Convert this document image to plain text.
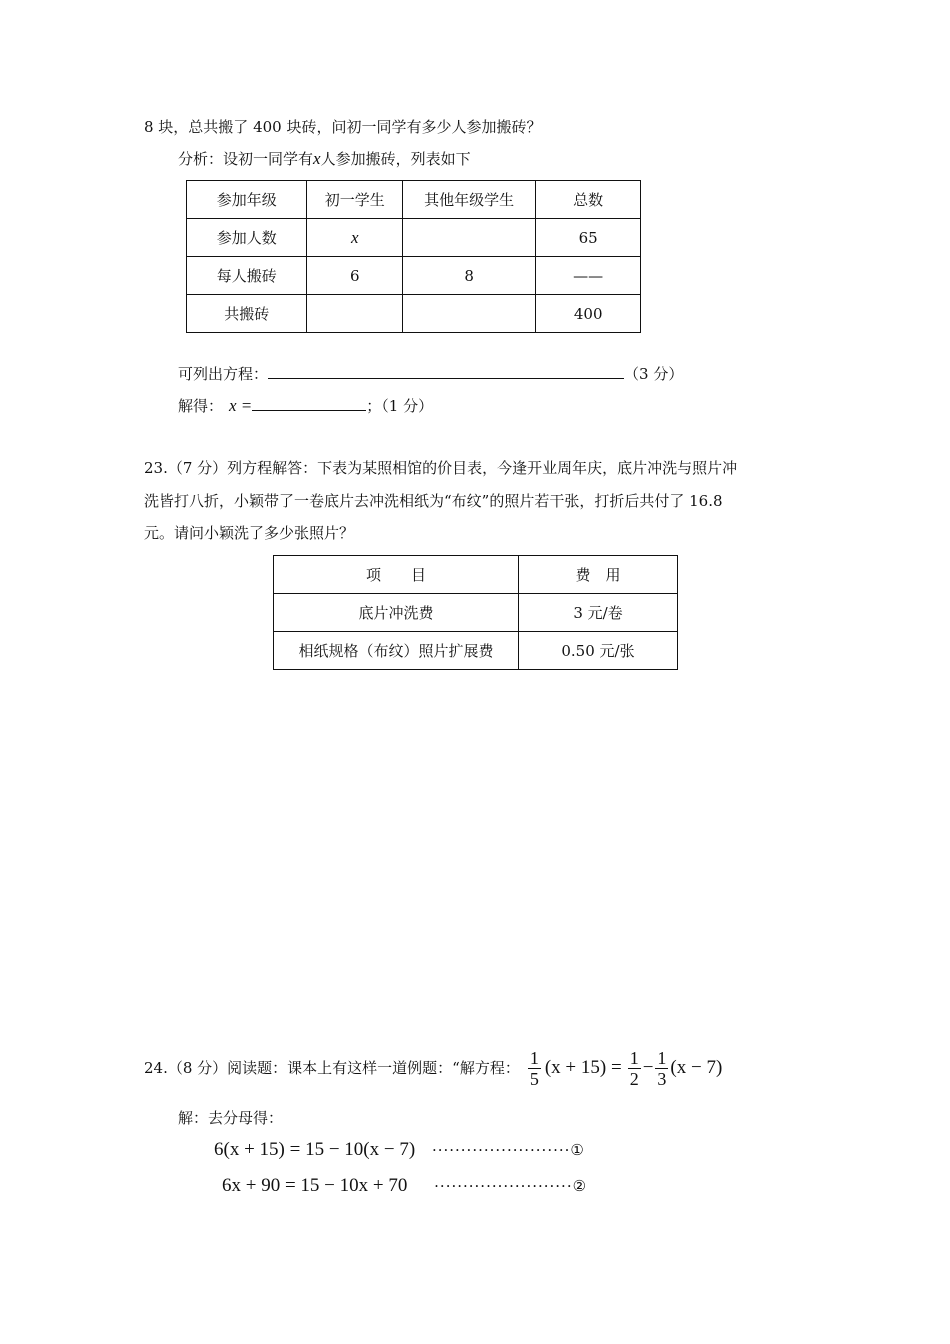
8 块，总共搬了 400 块砖，问初一同学有多少人参加搬砖？
分析：设初一同学有x人参加搬砖，列表如下
参加年级	初一学生	其他年级学生	总数
参加人数	x		65
每人搬砖	6	8	——
共搬砖			400
可列出方程：	（3 分）
解得： x =	；（1 分）
23.（7 分）列方程解答：下表为某照相馆的价目表，今逢开业周年庆，底片冲洗与照片冲
洗皆打八折，小颖带了一卷底片去冲洗相纸为“布纹”的照片若干张，打折后共付了 16.8
元。请问小颖洗了多少张照片？
项　　目	费　用
底片冲洗费	3 元/卷
相纸规格（布纹）照片扩展费	0.50 元/张
24.（8 分）阅读题：课本上有这样一道例题：“解方程： $\frac{1}{5} (x + 15) = \frac{1}{2} - \frac{1}{3} (x - 7)$
解：去分母得：
6(x + 15) = 15 − 10(x − 7) ························①
6x + 90 = 15 − 10x + 70 ························②
